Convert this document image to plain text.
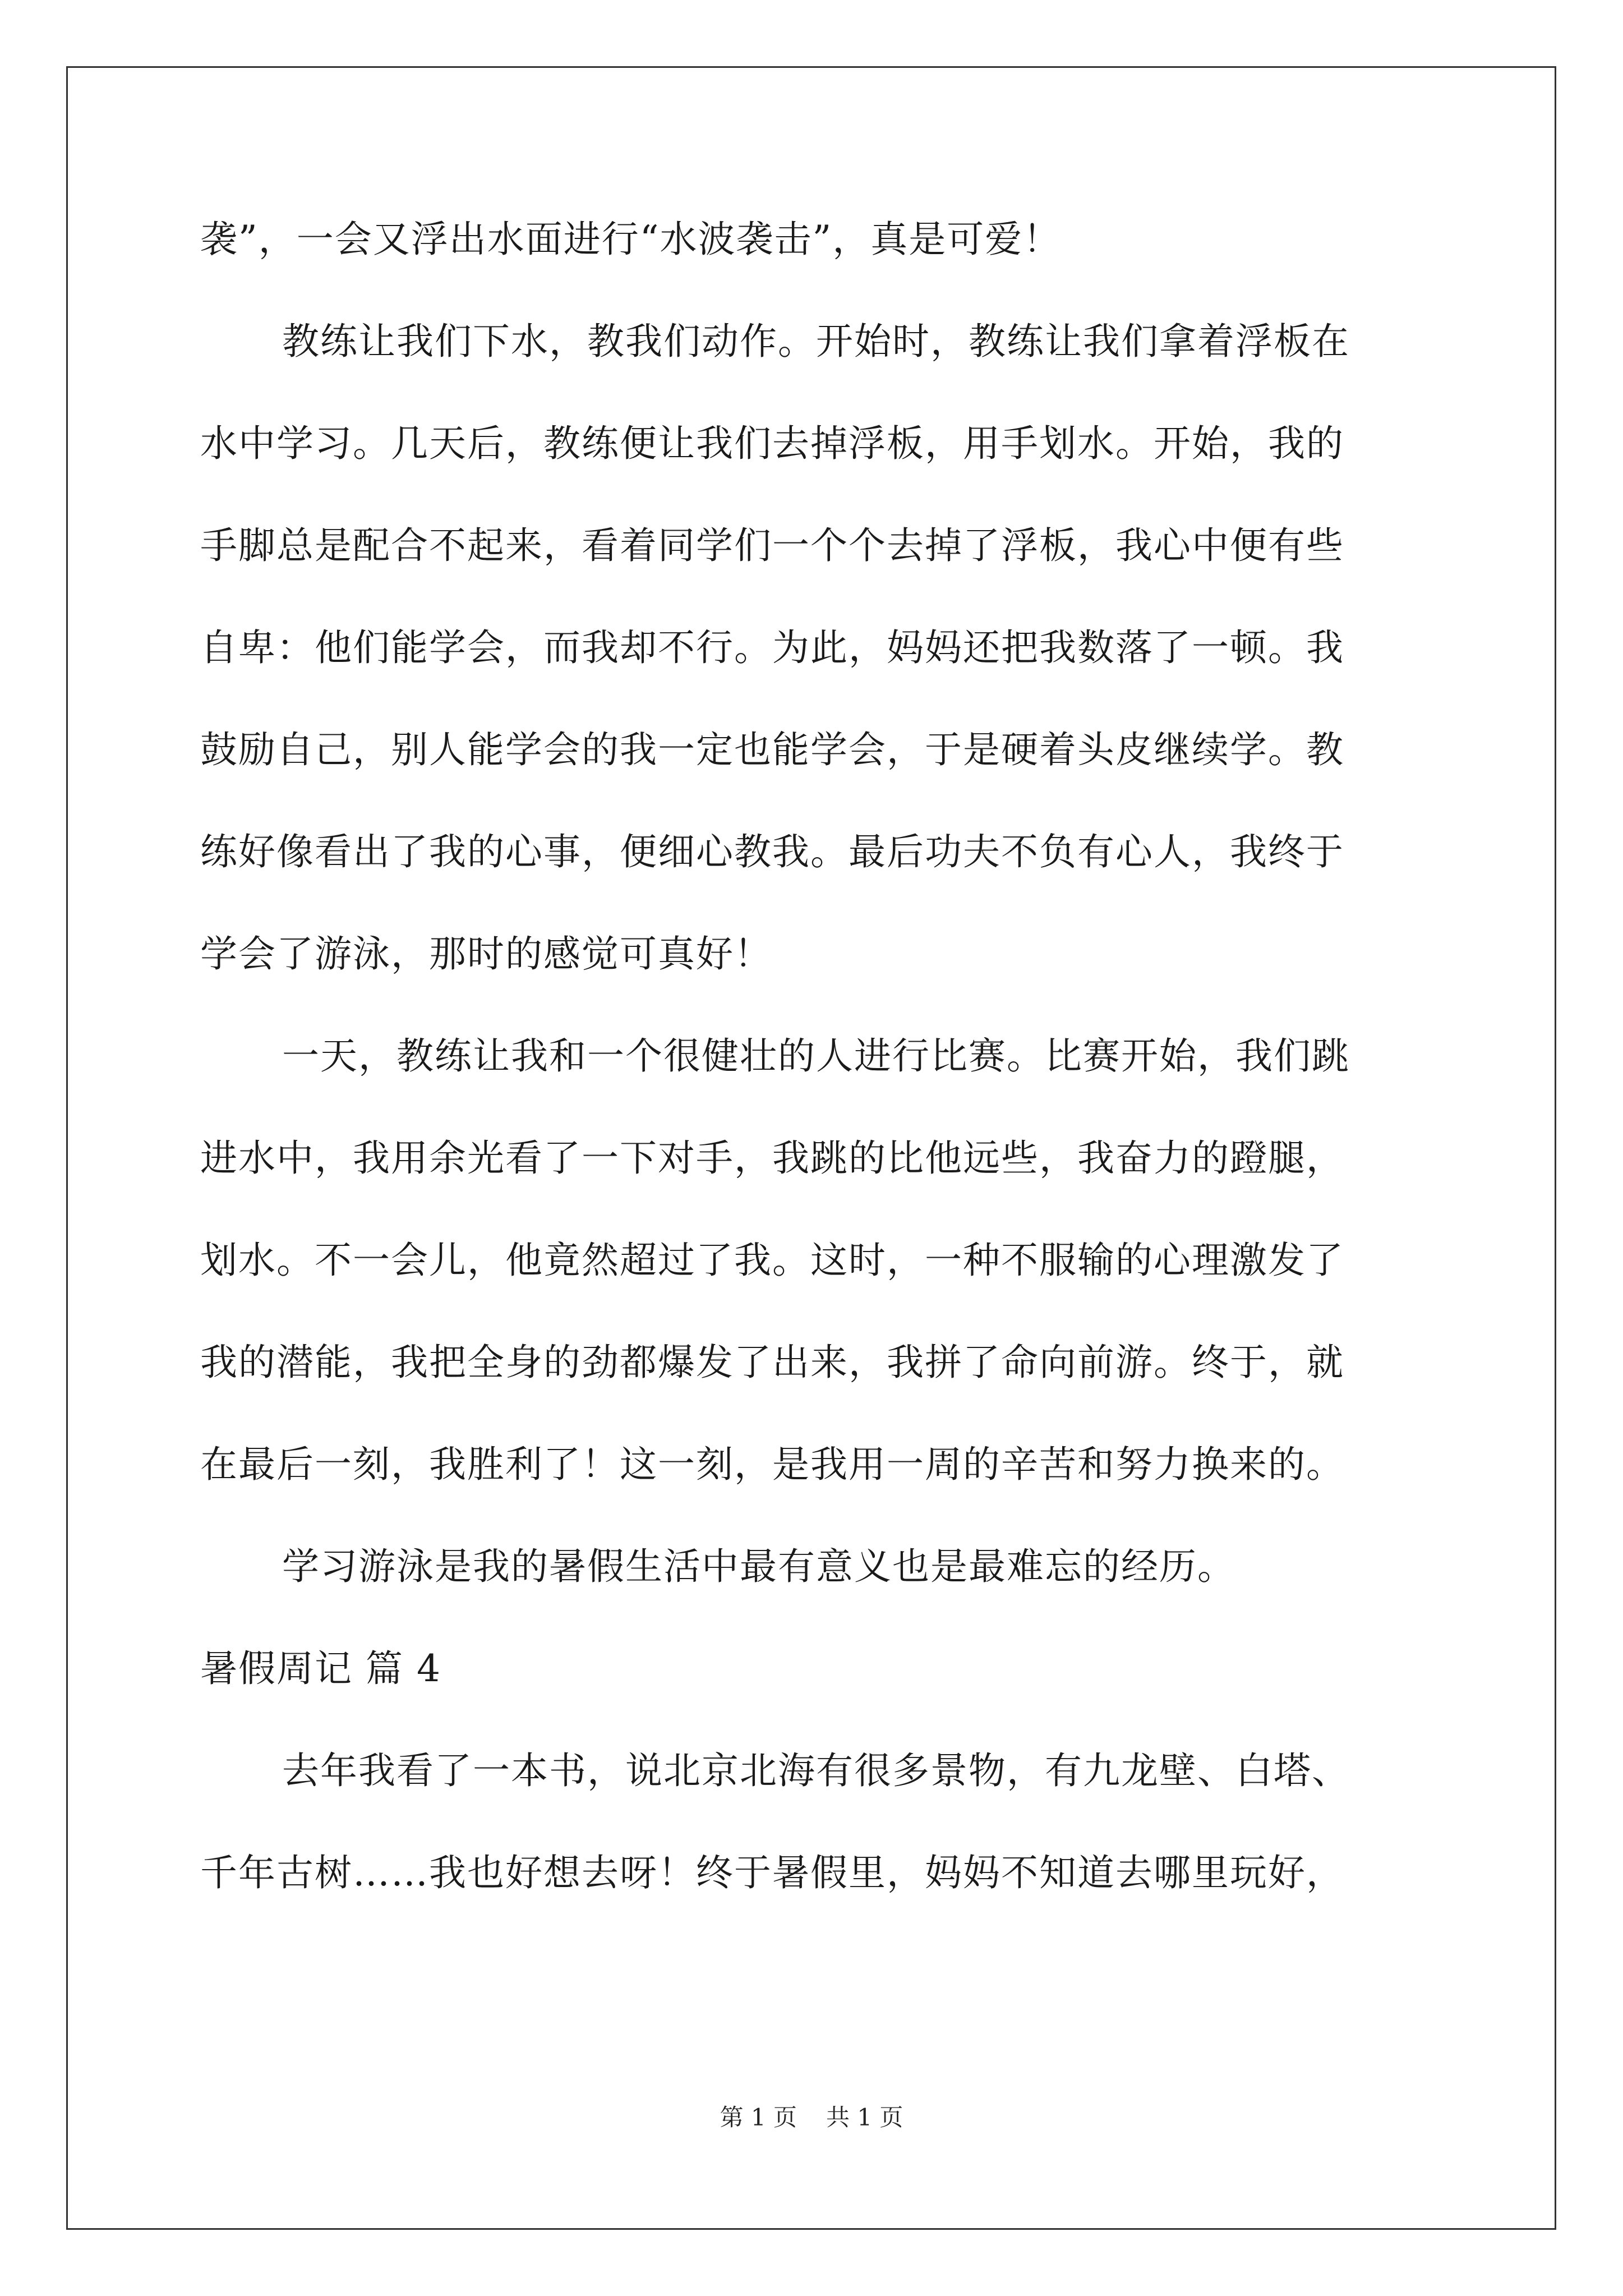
袭”，一会又浮出水面进行“水波袭击”，真是可爱！
教练让我们下水，教我们动作。开始时，教练让我们拿着浮板在
水中学习。几天后，教练便让我们去掉浮板，用手划水。开始，我的
手脚总是配合不起来，看着同学们一个个去掉了浮板，我心中便有些
自卑：他们能学会，而我却不行。为此，妈妈还把我数落了一顿。我
鼓励自己，别人能学会的我一定也能学会，于是硬着头皮继续学。教
练好像看出了我的心事，便细心教我。最后功夫不负有心人，我终于
学会了游泳，那时的感觉可真好！
一天，教练让我和一个很健壮的人进行比赛。比赛开始，我们跳
进水中，我用余光看了一下对手，我跳的比他远些，我奋力的蹬腿，
划水。不一会儿，他竟然超过了我。这时，一种不服输的心理激发了
我的潜能，我把全身的劲都爆发了出来，我拼了命向前游。终于，就
在最后一刻，我胜利了！这一刻，是我用一周的辛苦和努力换来的。
学习游泳是我的暑假生活中最有意义也是最难忘的经历。
暑假周记 篇 4
去年我看了一本书，说北京北海有很多景物，有九龙壁、白塔、
千年古树……我也好想去呀！终于暑假里，妈妈不知道去哪里玩好，
第 1 页 共 1 页
